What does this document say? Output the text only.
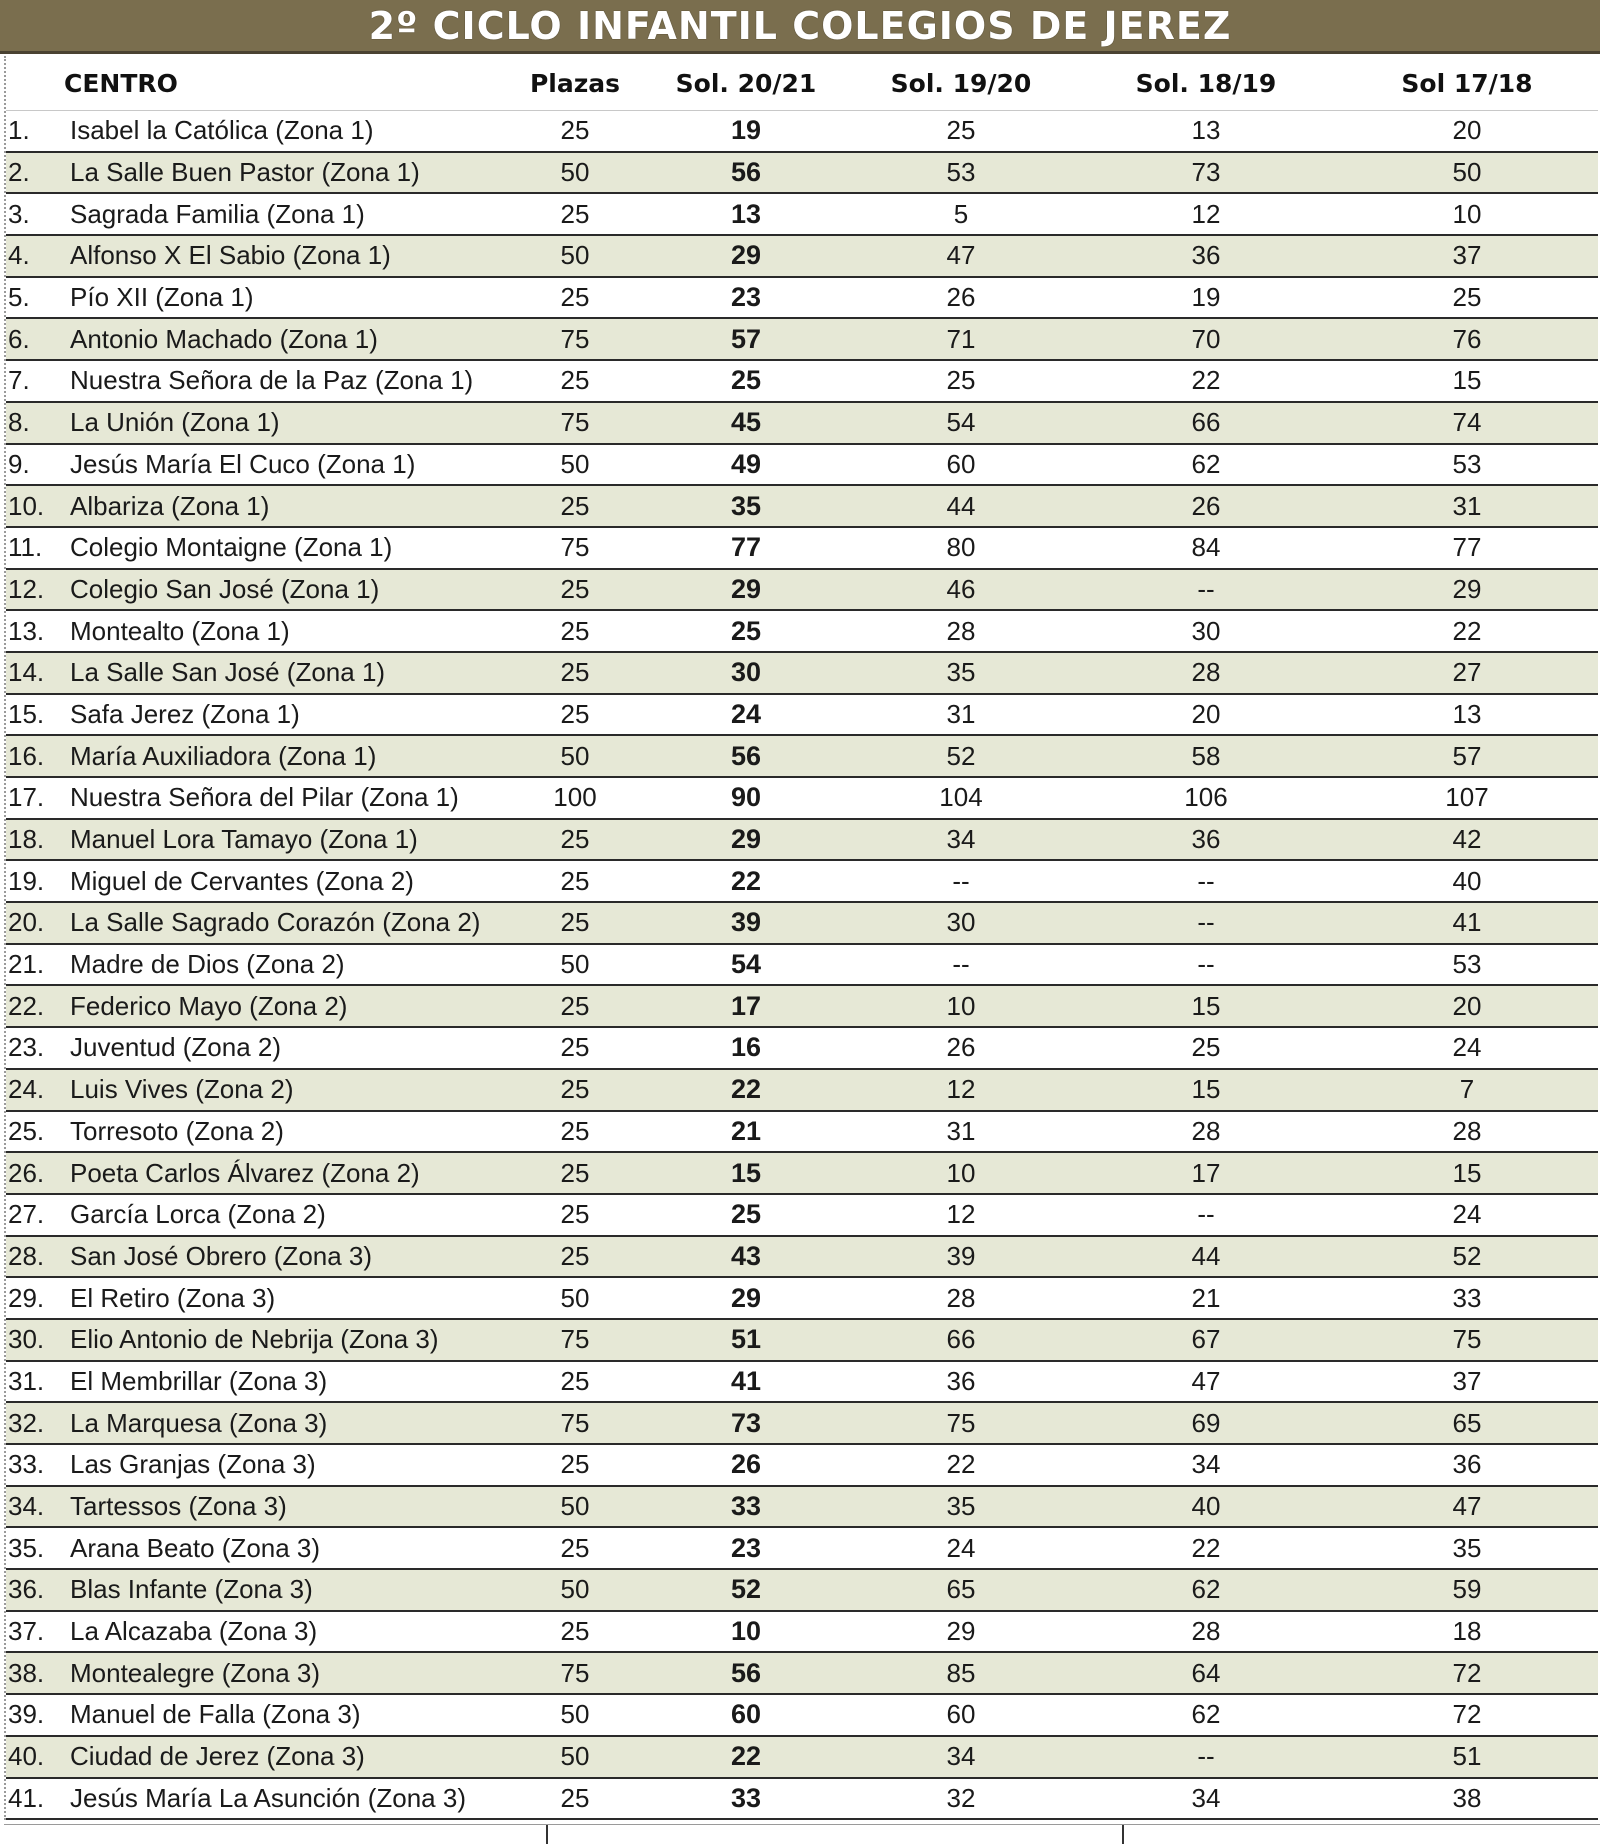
2º CICLO INFANTIL COLEGIOS DE JEREZ
	CENTRO	Plazas	Sol. 20/21	Sol. 19/20	Sol. 18/19	Sol 17/18
1.	Isabel la Católica (Zona 1)	25	19	25	13	20
2.	La Salle Buen Pastor (Zona 1)	50	56	53	73	50
3.	Sagrada Familia (Zona 1)	25	13	5	12	10
4.	Alfonso X El Sabio (Zona 1)	50	29	47	36	37
5.	Pío XII (Zona 1)	25	23	26	19	25
6.	Antonio Machado (Zona 1)	75	57	71	70	76
7.	Nuestra Señora de la Paz (Zona 1)	25	25	25	22	15
8.	La Unión (Zona 1)	75	45	54	66	74
9.	Jesús María El Cuco (Zona 1)	50	49	60	62	53
10.	Albariza (Zona 1)	25	35	44	26	31
11.	Colegio Montaigne (Zona 1)	75	77	80	84	77
12.	Colegio San José (Zona 1)	25	29	46	--	29
13.	Montealto (Zona 1)	25	25	28	30	22
14.	La Salle San José (Zona 1)	25	30	35	28	27
15.	Safa Jerez (Zona 1)	25	24	31	20	13
16.	María Auxiliadora (Zona 1)	50	56	52	58	57
17.	Nuestra Señora del Pilar (Zona 1)	100	90	104	106	107
18.	Manuel Lora Tamayo (Zona 1)	25	29	34	36	42
19.	Miguel de Cervantes (Zona 2)	25	22	--	--	40
20.	La Salle Sagrado Corazón (Zona 2)	25	39	30	--	41
21.	Madre de Dios (Zona 2)	50	54	--	--	53
22.	Federico Mayo (Zona 2)	25	17	10	15	20
23.	Juventud (Zona 2)	25	16	26	25	24
24.	Luis Vives (Zona 2)	25	22	12	15	7
25.	Torresoto (Zona 2)	25	21	31	28	28
26.	Poeta Carlos Álvarez (Zona 2)	25	15	10	17	15
27.	García Lorca (Zona 2)	25	25	12	--	24
28.	San José Obrero (Zona 3)	25	43	39	44	52
29.	El Retiro (Zona 3)	50	29	28	21	33
30.	Elio Antonio de Nebrija (Zona 3)	75	51	66	67	75
31.	El Membrillar (Zona 3)	25	41	36	47	37
32.	La Marquesa (Zona 3)	75	73	75	69	65
33.	Las Granjas (Zona 3)	25	26	22	34	36
34.	Tartessos (Zona 3)	50	33	35	40	47
35.	Arana Beato (Zona 3)	25	23	24	22	35
36.	Blas Infante (Zona 3)	50	52	65	62	59
37.	La Alcazaba (Zona 3)	25	10	29	28	18
38.	Montealegre (Zona 3)	75	56	85	64	72
39.	Manuel de Falla (Zona 3)	50	60	60	62	72
40.	Ciudad de Jerez (Zona 3)	50	22	34	--	51
41.	Jesús María La Asunción (Zona 3)	25	33	32	34	38
